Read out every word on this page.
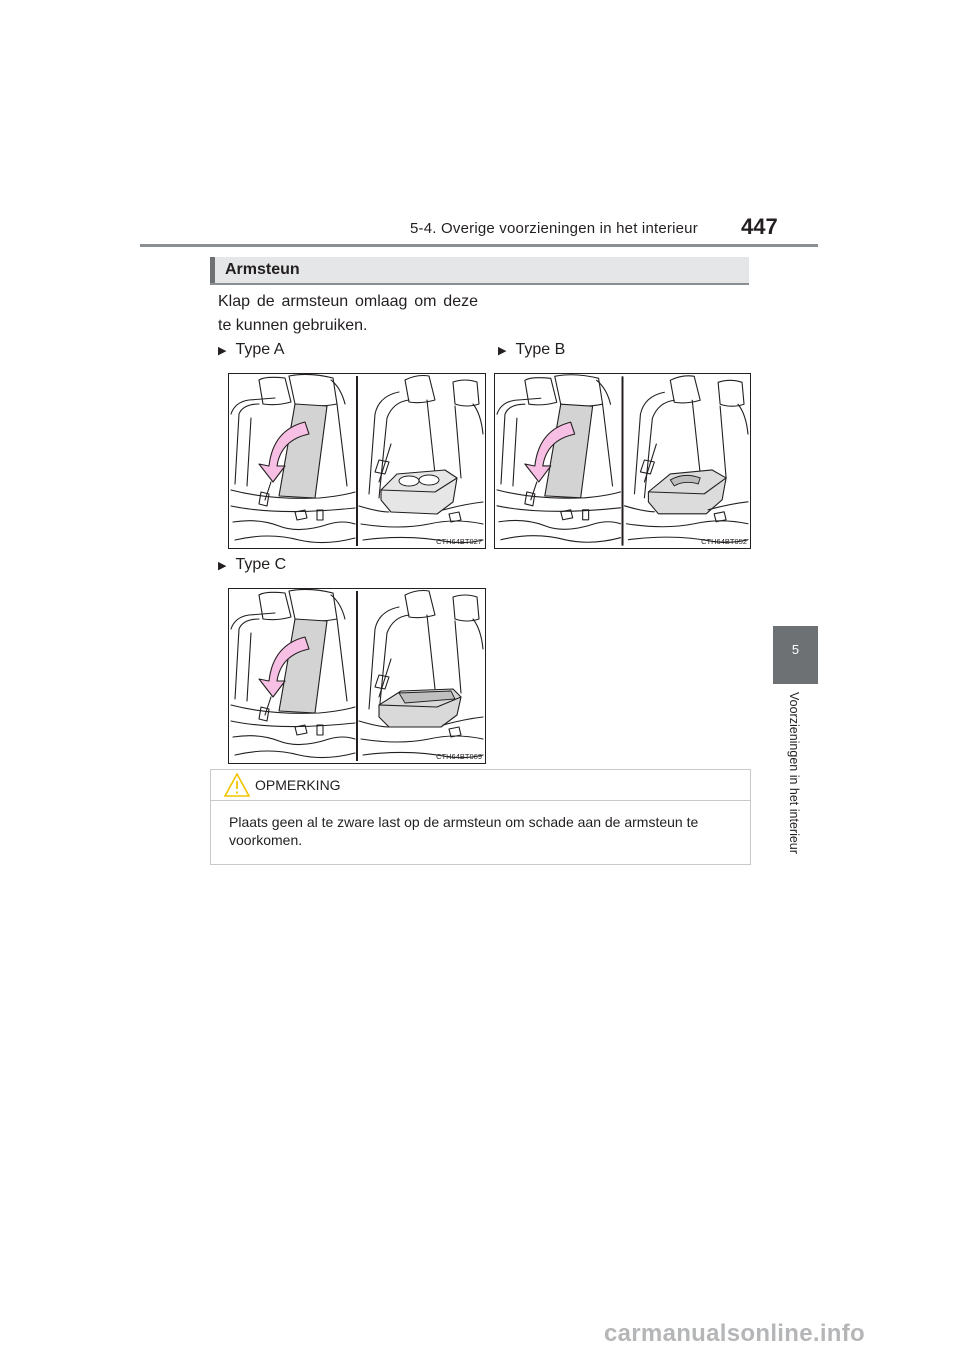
5-4. Overige voorzieningen in het interieur 447
Armsteun
Klap de armsteun omlaag om deze te kunnen gebruiken.
▶ Type A
CTH64BT027
▶ Type B
CTH64BT052
▶ Type C
CTH64BT069
OPMERKING
Plaats geen al te zware last op de armsteun om schade aan de armsteun te voorkomen.
5
Voorzieningen in het interieur
carmanualsonline.info
